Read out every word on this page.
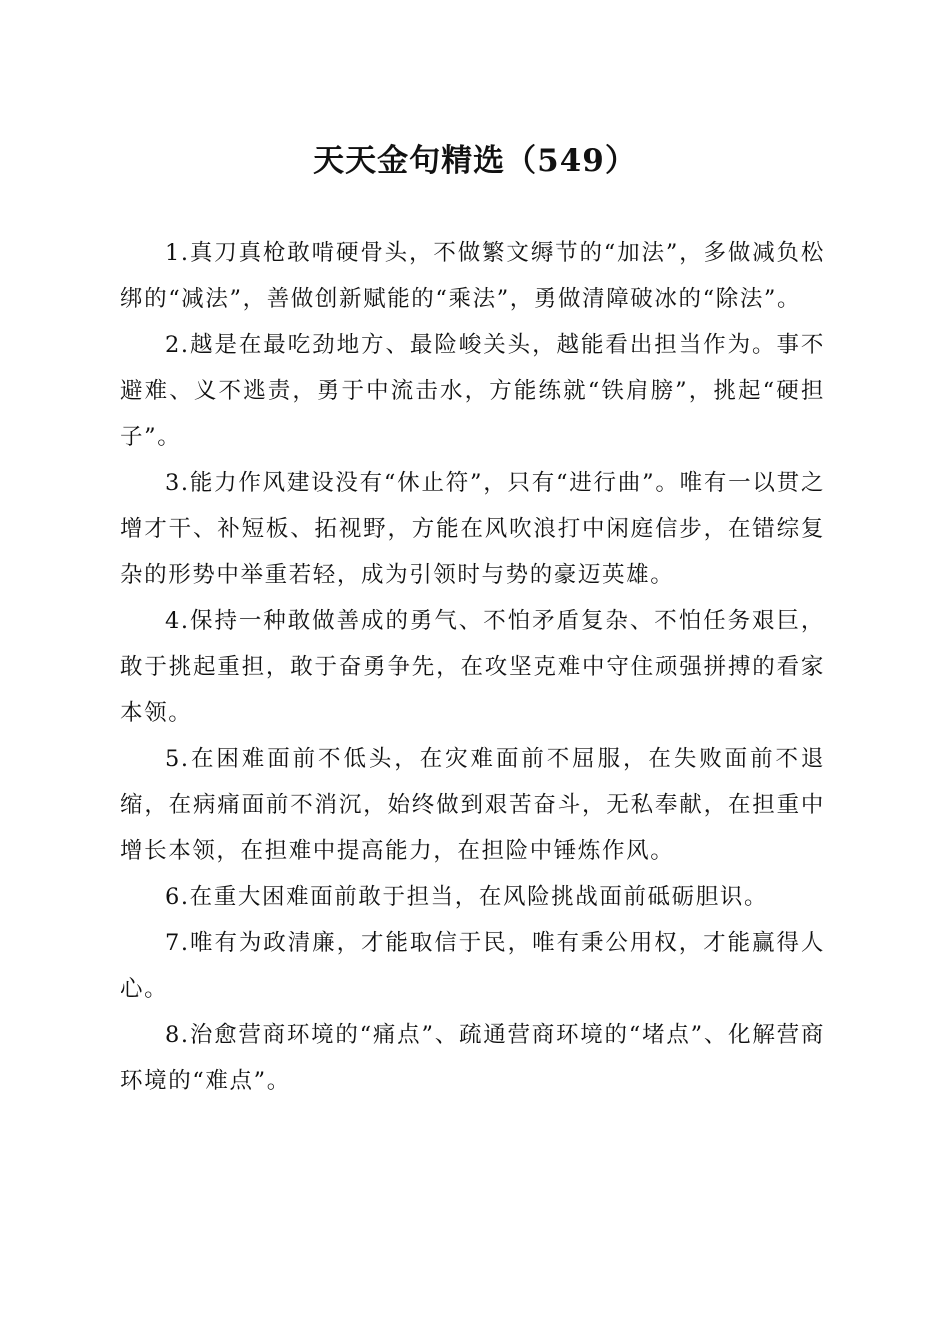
天天金句精选（549）

1.真刀真枪敢啃硬骨头，不做繁文缛节的“加法”，多做减负松绑的“减法”，善做创新赋能的“乘法”，勇做清障破冰的“除法”。

2.越是在最吃劲地方、最险峻关头，越能看出担当作为。事不避难、义不逃责，勇于中流击水，方能练就“铁肩膀”，挑起“硬担子”。

3.能力作风建设没有“休止符”，只有“进行曲”。唯有一以贯之增才干、补短板、拓视野，方能在风吹浪打中闲庭信步，在错综复杂的形势中举重若轻，成为引领时与势的豪迈英雄。

4.保持一种敢做善成的勇气、不怕矛盾复杂、不怕任务艰巨，敢于挑起重担，敢于奋勇争先，在攻坚克难中守住顽强拼搏的看家本领。

5.在困难面前不低头，在灾难面前不屈服，在失败面前不退缩，在病痛面前不消沉，始终做到艰苦奋斗，无私奉献，在担重中增长本领，在担难中提高能力，在担险中锤炼作风。

6.在重大困难面前敢于担当，在风险挑战面前砥砺胆识。

7.唯有为政清廉，才能取信于民，唯有秉公用权，才能赢得人心。

8.治愈营商环境的“痛点”、疏通营商环境的“堵点”、化解营商环境的“难点”。
